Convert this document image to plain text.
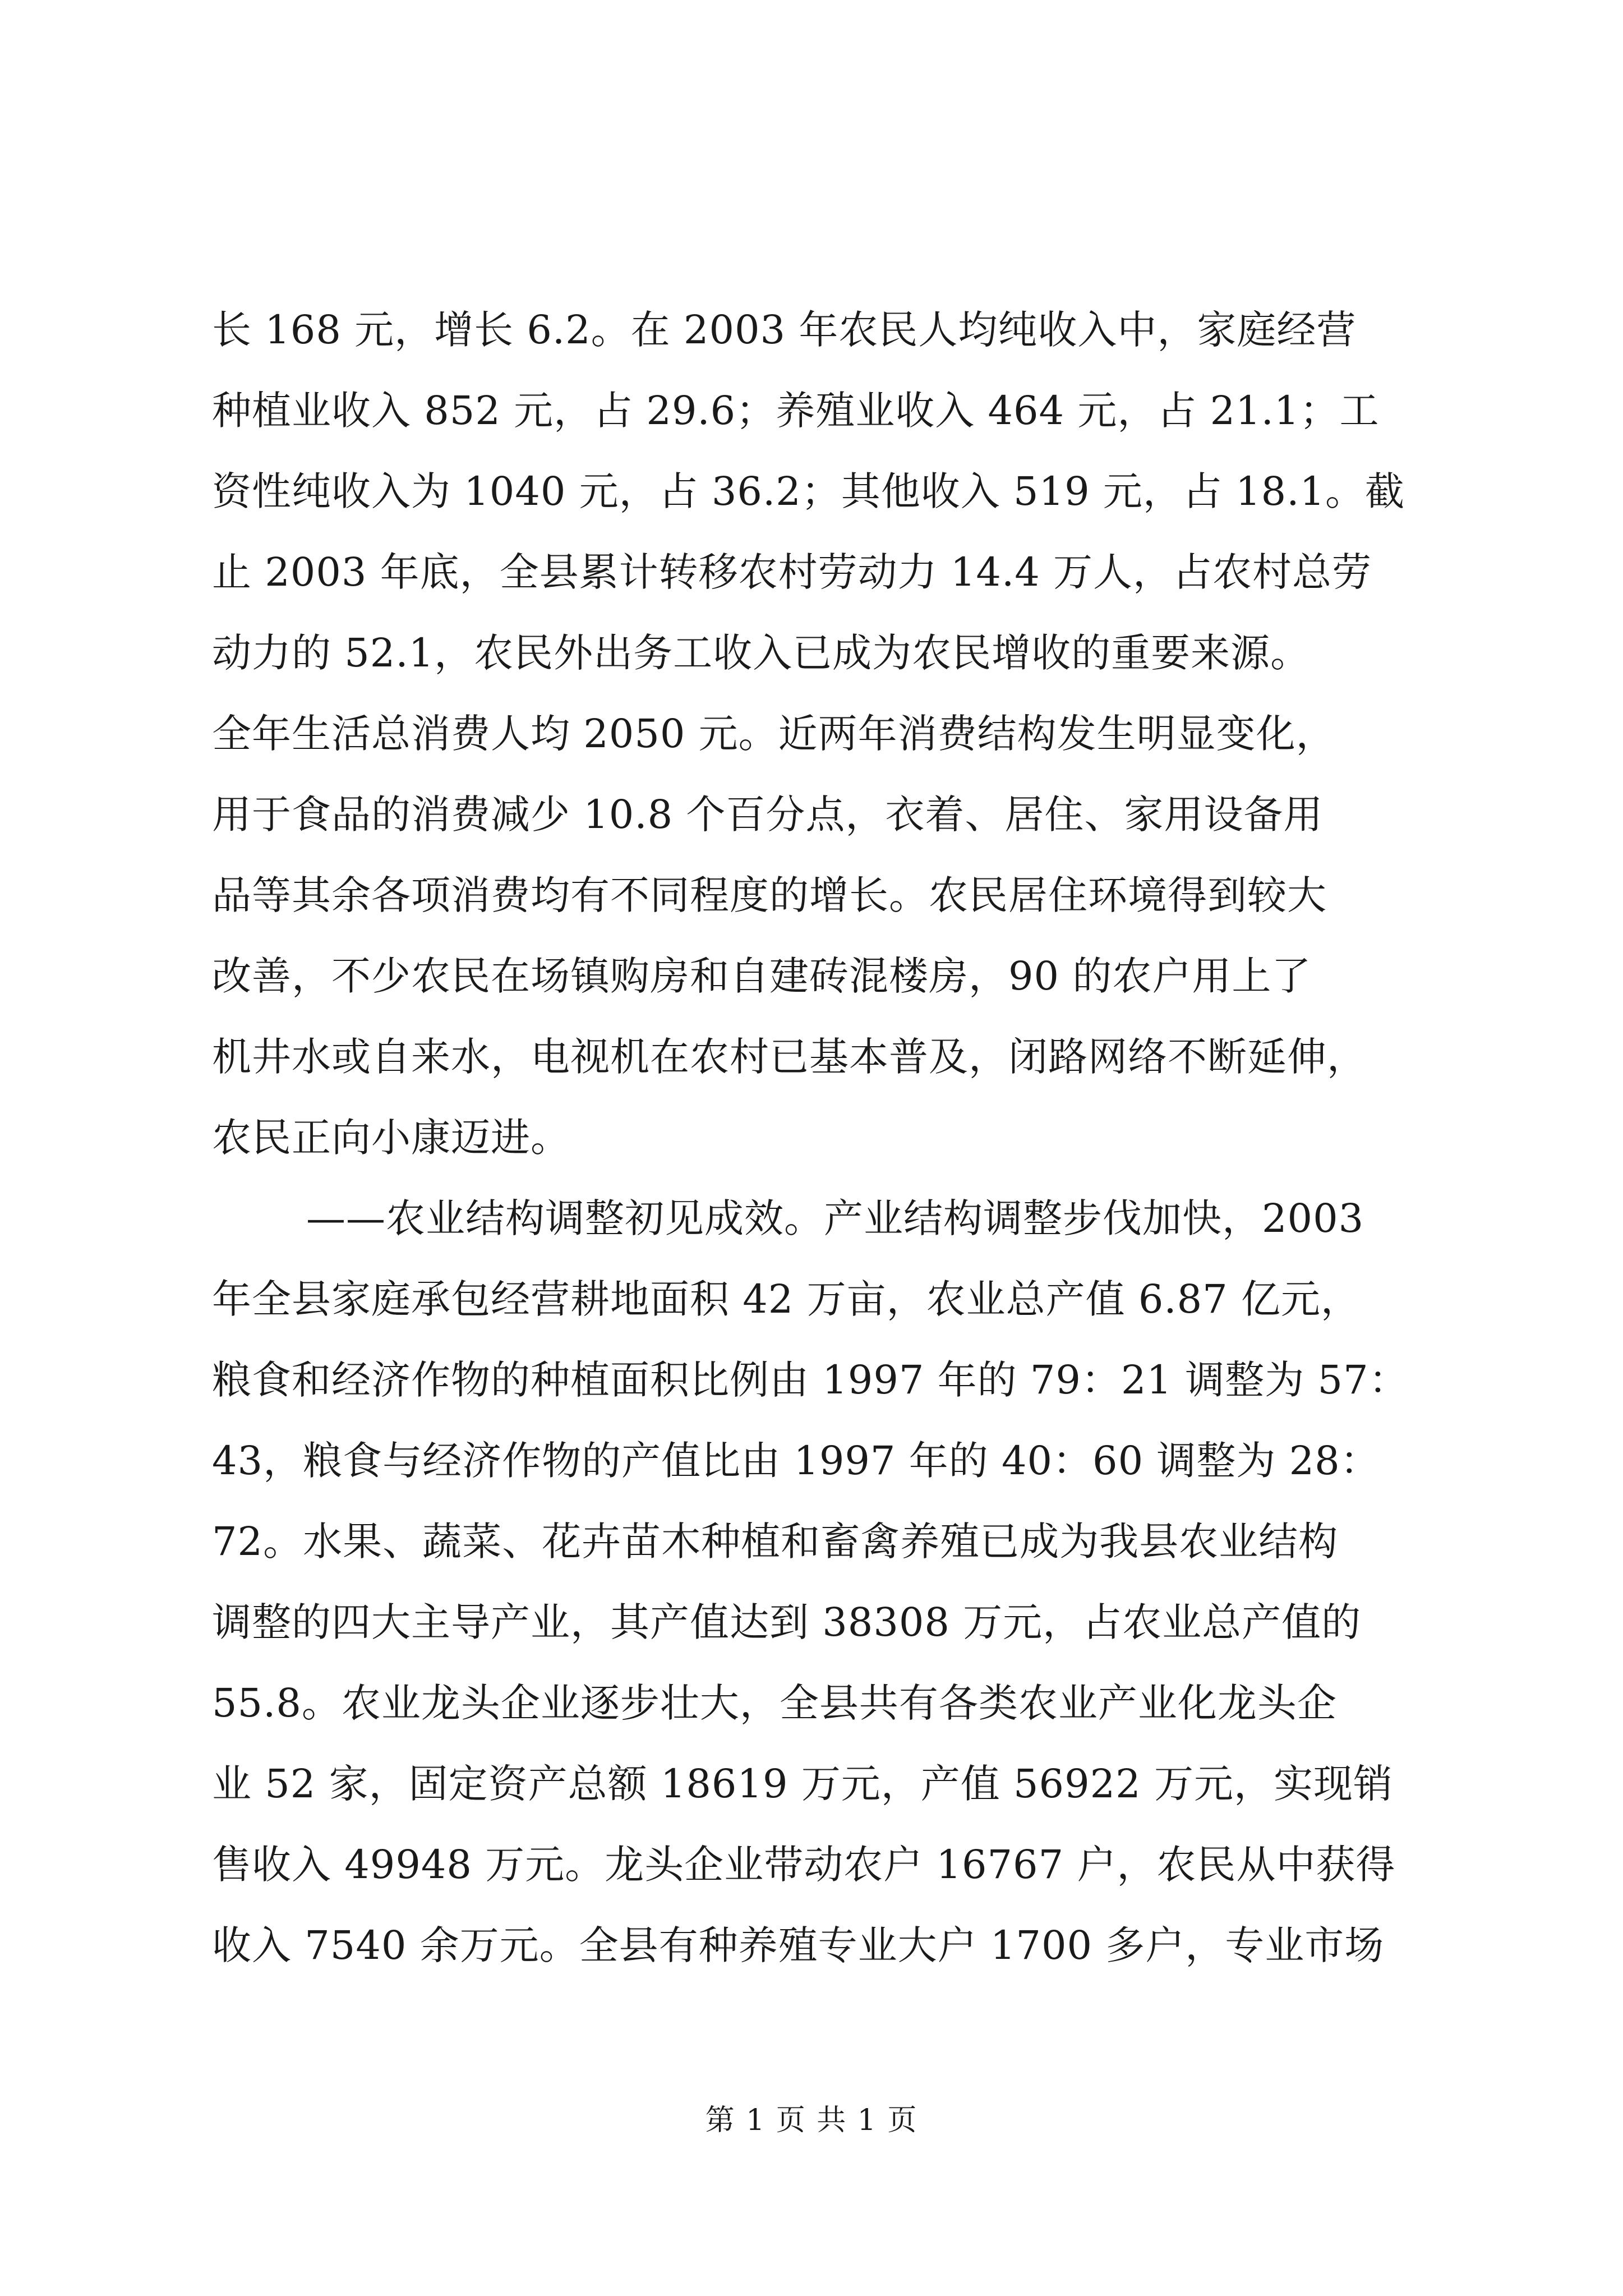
长 168 元，增长 6.2。在 2003 年农民人均纯收入中，家庭经营
种植业收入 852 元，占 29.6；养殖业收入 464 元，占 21.1；工
资性纯收入为 1040 元，占 36.2；其他收入 519 元，占 18.1。截
止 2003 年底，全县累计转移农村劳动力 14.4 万人，占农村总劳
动力的 52.1，农民外出务工收入已成为农民增收的重要来源。
全年生活总消费人均 2050 元。近两年消费结构发生明显变化，
用于食品的消费减少 10.8 个百分点，衣着、居住、家用设备用
品等其余各项消费均有不同程度的增长。农民居住环境得到较大
改善，不少农民在场镇购房和自建砖混楼房，90 的农户用上了
机井水或自来水，电视机在农村已基本普及，闭路网络不断延伸，
农民正向小康迈进。
——农业结构调整初见成效。产业结构调整步伐加快，2003
年全县家庭承包经营耕地面积 42 万亩，农业总产值 6.87 亿元，
粮食和经济作物的种植面积比例由 1997 年的 79：21 调整为 57：
43，粮食与经济作物的产值比由 1997 年的 40：60 调整为 28：
72。水果、蔬菜、花卉苗木种植和畜禽养殖已成为我县农业结构
调整的四大主导产业，其产值达到 38308 万元，占农业总产值的
55.8。农业龙头企业逐步壮大，全县共有各类农业产业化龙头企
业 52 家，固定资产总额 18619 万元，产值 56922 万元，实现销
售收入 49948 万元。龙头企业带动农户 16767 户，农民从中获得
收入 7540 余万元。全县有种养殖专业大户 1700 多户，专业市场
第 1 页 共 1 页
